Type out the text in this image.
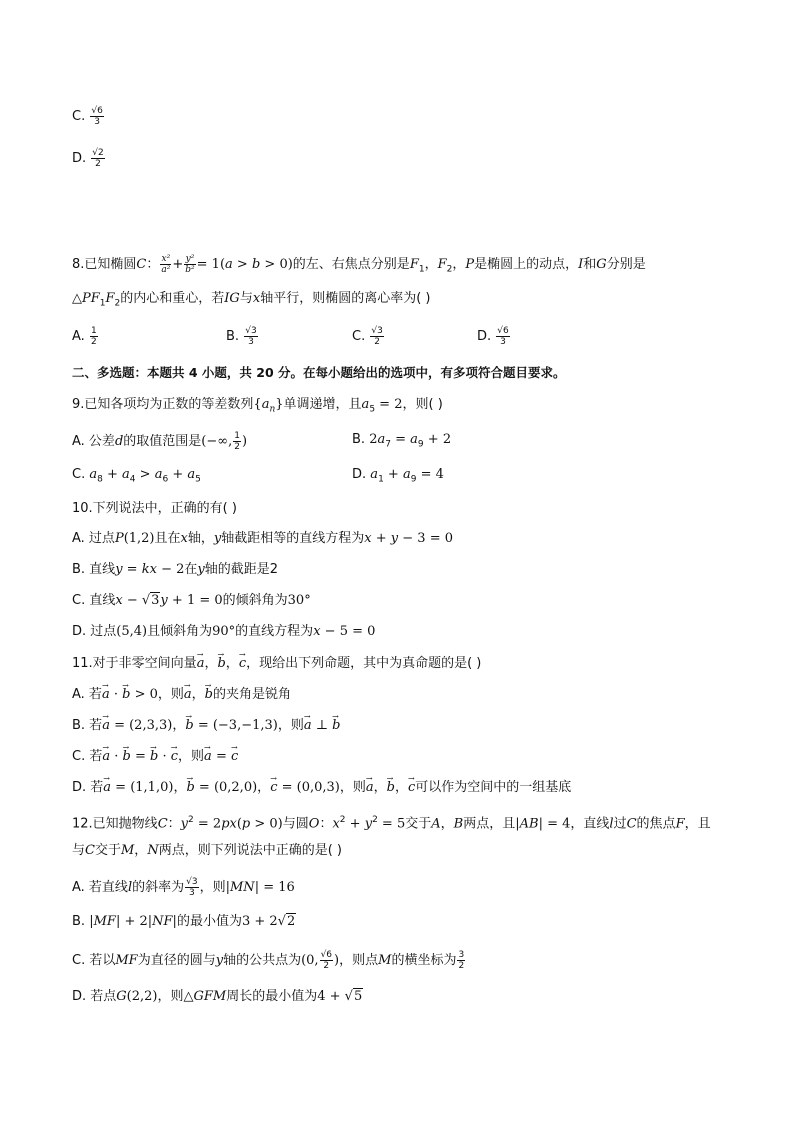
C. $\frac{√6}{3}$
D. $\frac{√2}{2}$
8.已知椭圆C： $\frac{\text{x²}}{\text{a²}} + \frac{\text{y²}}{\text{b²}} = 1(a > b > 0)$的左、右焦点分别是$F_1$，$F_2$，P是椭圆上的动点，I和G分别是
$\triangle PF_1F_2$的内心和重心，若IG与x轴平行，则椭圆的离心率为( )
A. $\frac{1}{2}$	B. $\frac{√3}{3}$	C. $\frac{√3}{2}$	D. $\frac{√6}{3}$
二、多选题：本题共 4 小题，共 20 分。在每小题给出的选项中，有多项符合题目要求。
9.已知各项均为正数的等差数列$\{a_n\}$单调递增，且$a_5 = 2$，则( )
A. 公差d的取值范围是(−∞, $\frac{1}{2}$ )	B. $2a_7 = a_9 + 2$
C. $a_8 + a_4 > a_6 + a_5$	D. $a_1 + a_9 = 4$
10.下列说法中，正确的有( )
A. 过点P(1,2)且在x轴，y轴截距相等的直线方程为x + y − 3 = 0
B. 直线y = kx − 2在y轴的截距是2
C. 直线x − √3y + 1 = 0的倾斜角为30°
D. 过点(5,4)且倾斜角为90°的直线方程为x − 5 = 0
11.对于非零空间向量→ a，→ b，→ c，现给出下列命题，其中为真命题的是( )
A. 若→ a · → b > 0，则→ a，→ b的夹角是锐角
B. 若→ a = (2,3,3)，→ b = (−3,−1,3)，则→ a ⊥ → b
C. 若→ a · → b = → b · → c，则→ a = → c
D. 若→ a = (1,1,0)，→ b = (0,2,0)，→ c = (0,0,3)，则→ a，→ b，→ c可以作为空间中的一组基底
12.已知抛物线C：$y^2 = 2px(p > 0)$与圆O：$x^2 + y^2 = 5$交于A，B两点，且|AB| = 4，直线l过C的焦点F，且
与C交于M，N两点，则下列说法中正确的是( )
A. 若直线l的斜率为 $\frac{√3}{3}$ ，则|MN| = 16
B. |MF| + 2|NF|的最小值为3 + 2√2
C. 若以MF为直径的圆与y轴的公共点为(0, $\frac{√6}{2}$ )，则点M的横坐标为 $\frac{3}{2}$
D. 若点G(2,2)，则△GFM周长的最小值为4 + √5
